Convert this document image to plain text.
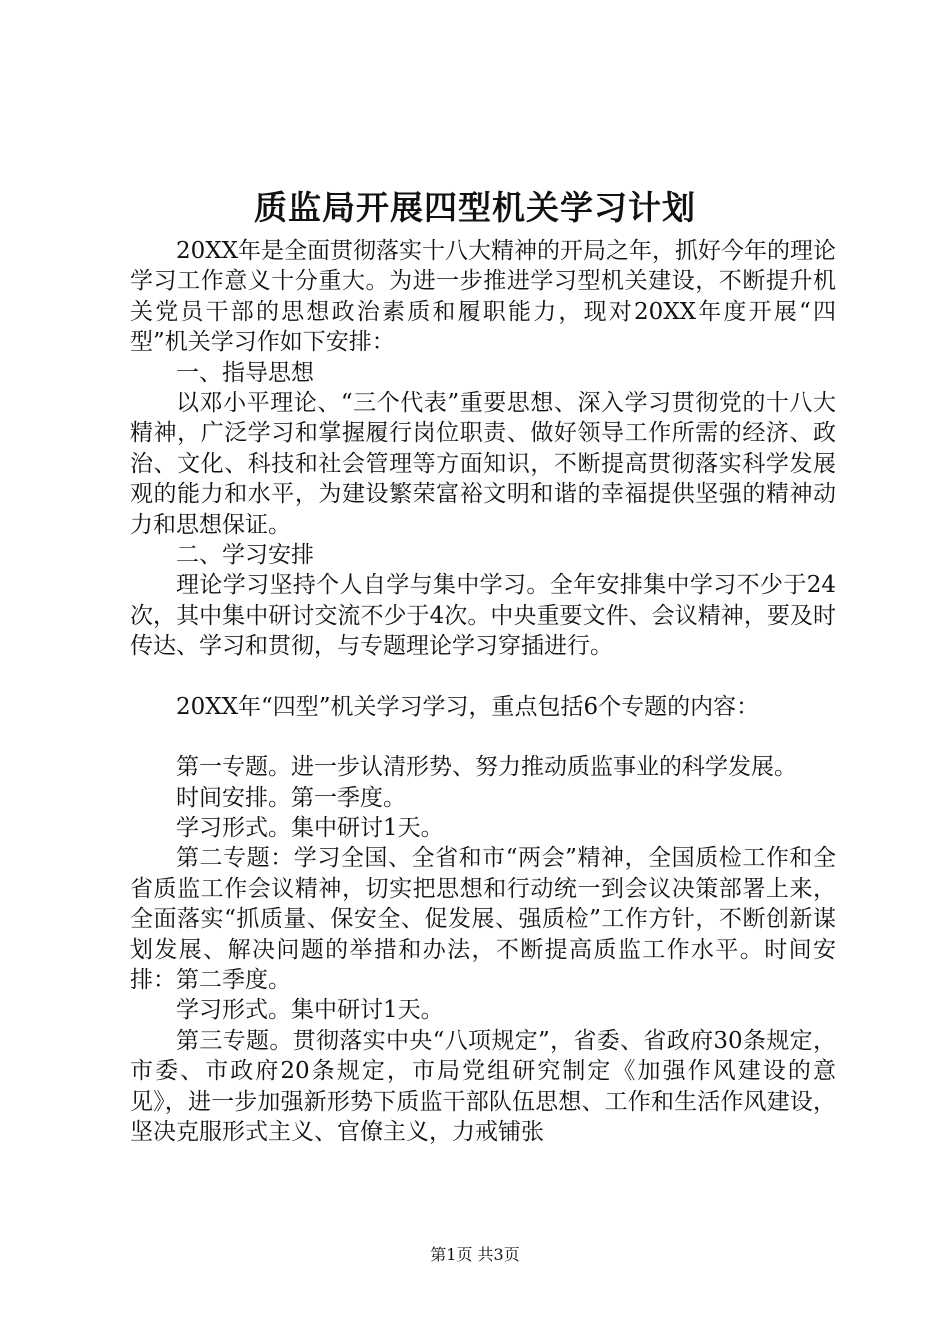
质监局开展四型机关学习计划

20XX年是全面贯彻落实十八大精神的开局之年，抓好今年的理论学习工作意义十分重大。为进一步推进学习型机关建设，不断提升机关党员干部的思想政治素质和履职能力，现对20XX年度开展“四型”机关学习作如下安排：

一、指导思想

以邓小平理论、“三个代表”重要思想、深入学习贯彻党的十八大精神，广泛学习和掌握履行岗位职责、做好领导工作所需的经济、政治、文化、科技和社会管理等方面知识，不断提高贯彻落实科学发展观的能力和水平，为建设繁荣富裕文明和谐的幸福提供坚强的精神动力和思想保证。

二、学习安排

理论学习坚持个人自学与集中学习。全年安排集中学习不少于24次，其中集中研讨交流不少于4次。中央重要文件、会议精神，要及时传达、学习和贯彻，与专题理论学习穿插进行。

20XX年“四型”机关学习学习，重点包括6个专题的内容：

第一专题。进一步认清形势、努力推动质监事业的科学发展。

时间安排。第一季度。

学习形式。集中研讨1天。

第二专题：学习全国、全省和市“两会”精神，全国质检工作和全省质监工作会议精神，切实把思想和行动统一到会议决策部署上来，全面落实“抓质量、保安全、促发展、强质检”工作方针，不断创新谋划发展、解决问题的举措和办法，不断提高质监工作水平。时间安排：第二季度。

学习形式。集中研讨1天。

第三专题。贯彻落实中央“八项规定”，省委、省政府30条规定，市委、市政府20条规定，市局党组研究制定《加强作风建设的意见》，进一步加强新形势下质监干部队伍思想、工作和生活作风建设，坚决克服形式主义、官僚主义，力戒铺张

第1页 共3页
